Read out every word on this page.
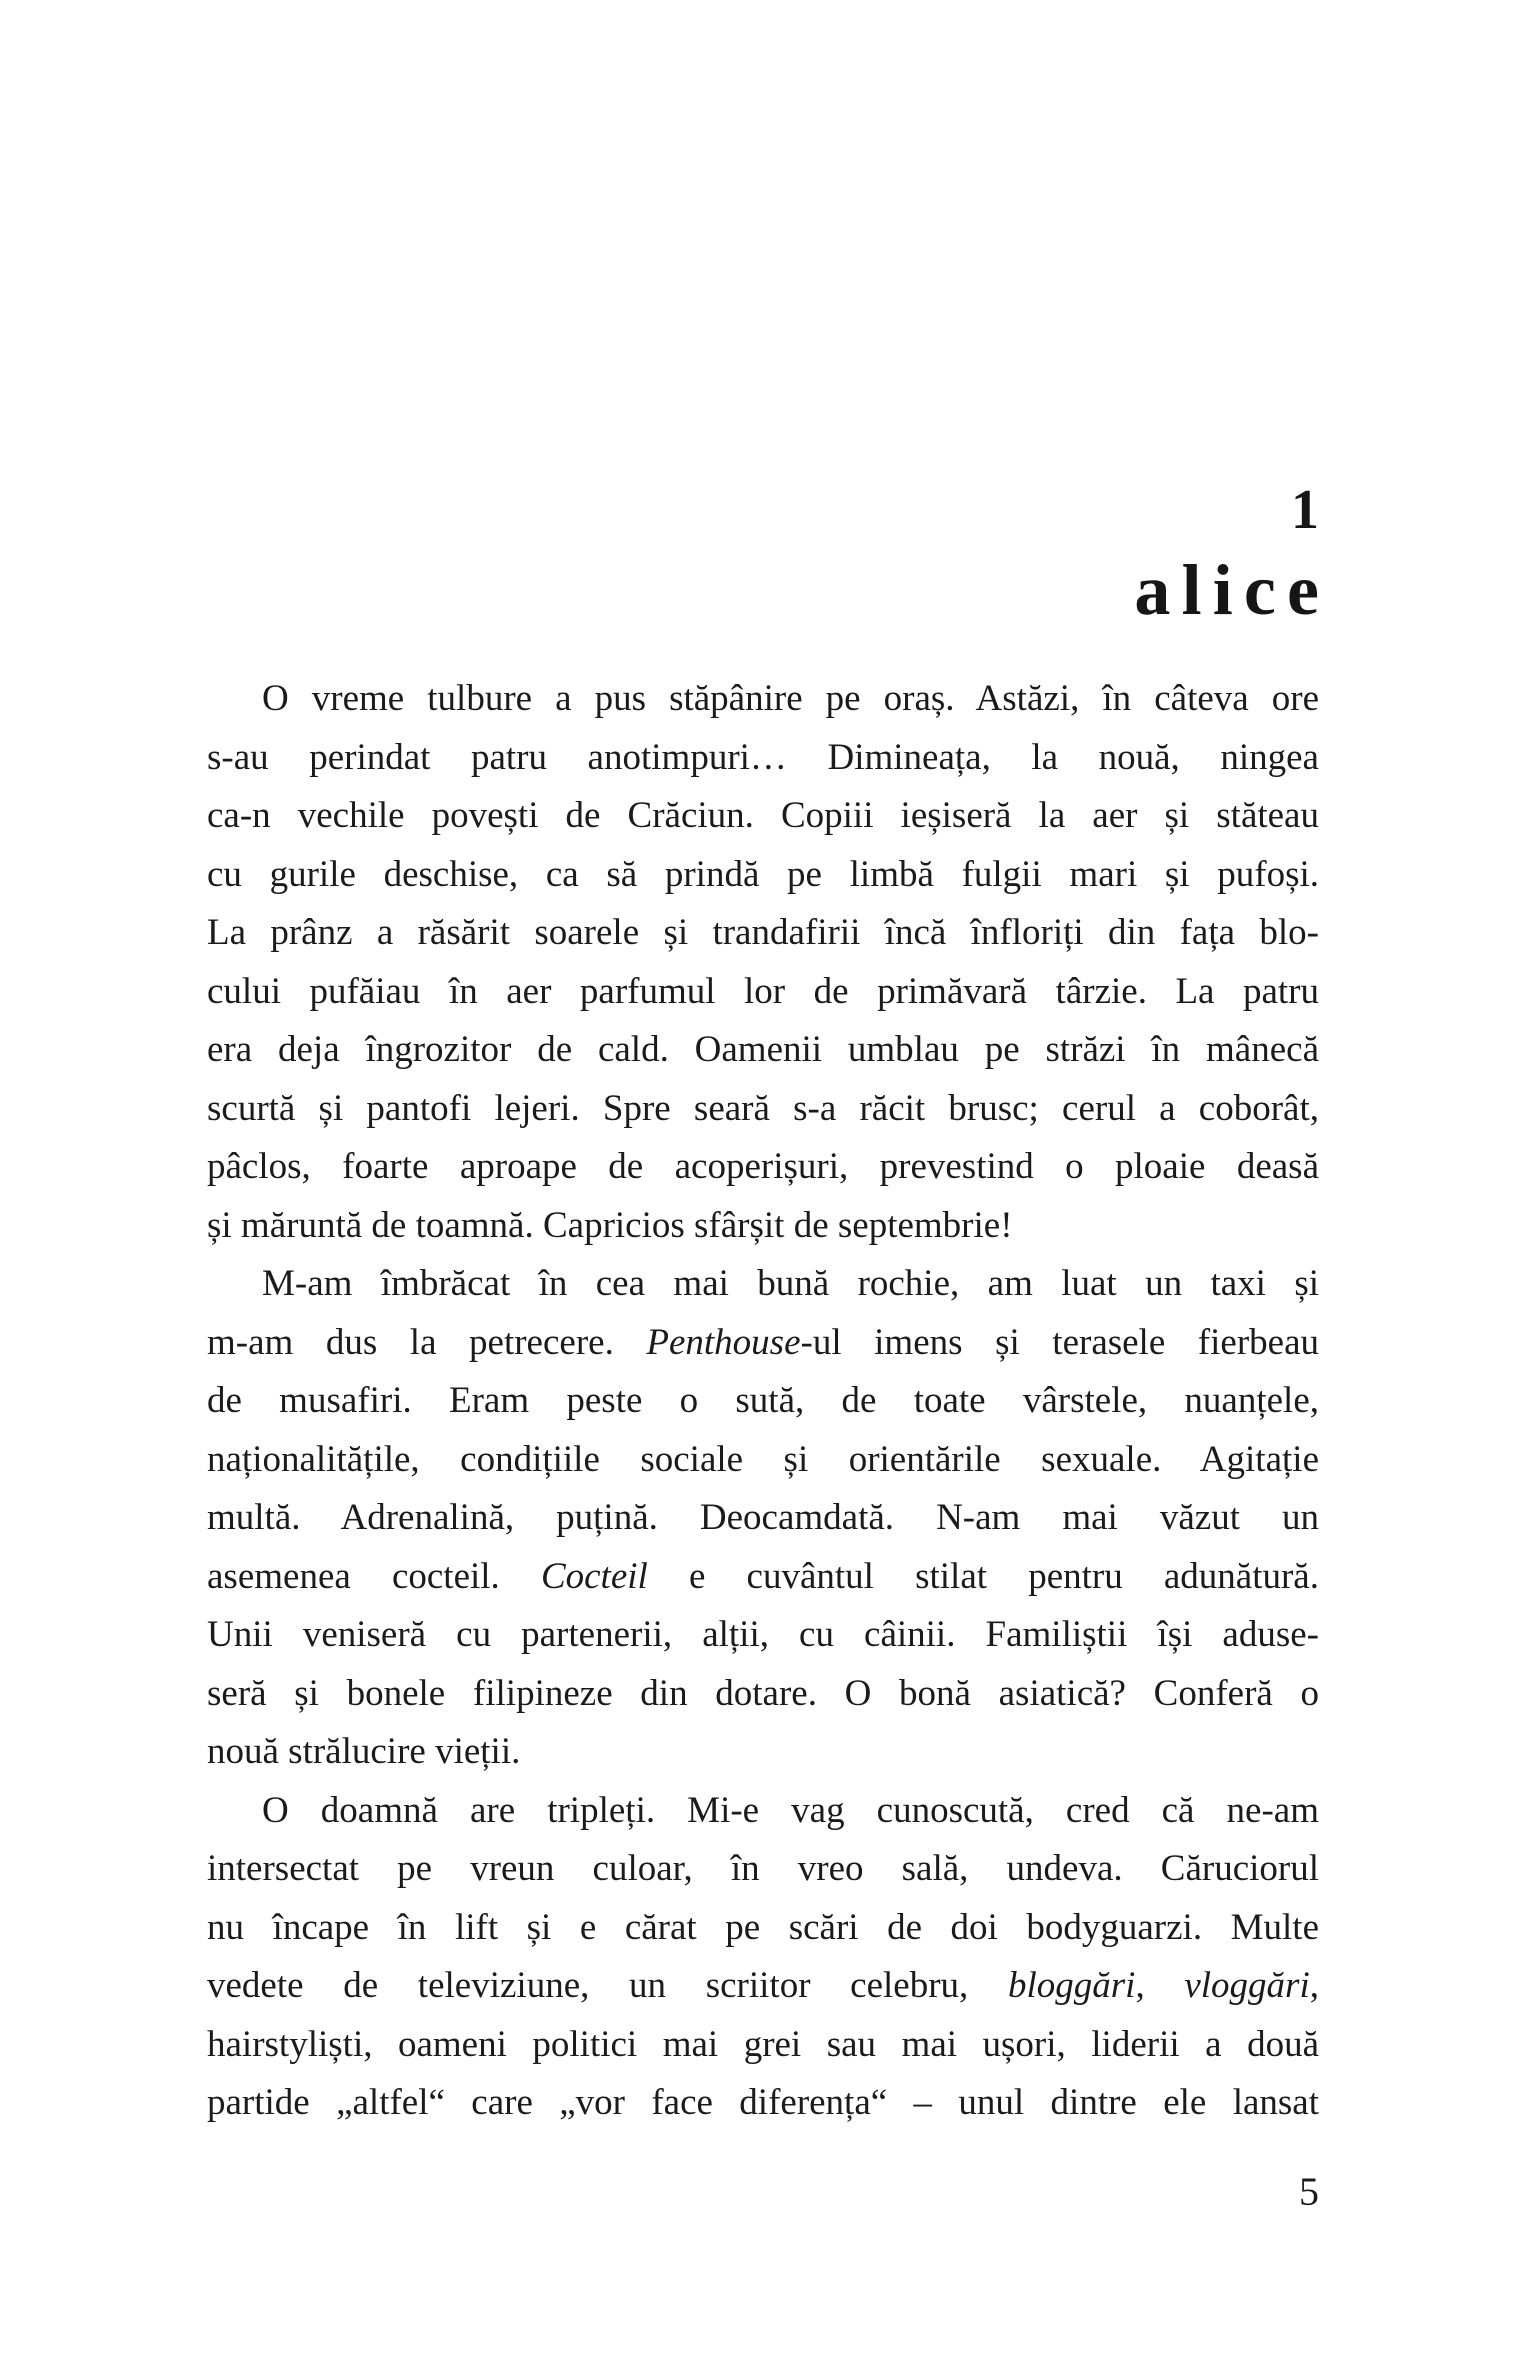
1
alice
O vreme tulbure a pus stăpânire pe oraș. Astăzi, în câteva ore
s-au perindat patru anotimpuri… Dimineața, la nouă, ningea
ca-n vechile povești de Crăciun. Copiii ieșiseră la aer și stăteau
cu gurile deschise, ca să prindă pe limbă fulgii mari și pufoși.
La prânz a răsărit soarele și trandafirii încă înfloriți din fața blo-
cului pufăiau în aer parfumul lor de primăvară târzie. La patru
era deja îngrozitor de cald. Oamenii umblau pe străzi în mânecă
scurtă și pantofi lejeri. Spre seară s-a răcit brusc; cerul a coborât,
pâclos, foarte aproape de acoperișuri, prevestind o ploaie deasă
și măruntă de toamnă. Capricios sfârșit de septembrie!
M-am îmbrăcat în cea mai bună rochie, am luat un taxi și
m-am dus la petrecere. Penthouse-ul imens și terasele fierbeau
de musafiri. Eram peste o sută, de toate vârstele, nuanțele,
naționalitățile, condițiile sociale și orientările sexuale. Agitație
multă. Adrenalină, puțină. Deocamdată. N-am mai văzut un
asemenea cocteil. Cocteil e cuvântul stilat pentru adunătură.
Unii veniseră cu partenerii, alții, cu câinii. Familiștii își aduse-
seră și bonele filipineze din dotare. O bonă asiatică? Conferă o
nouă strălucire vieții.
O doamnă are tripleți. Mi-e vag cunoscută, cred că ne-am
intersectat pe vreun culoar, în vreo sală, undeva. Căruciorul
nu încape în lift și e cărat pe scări de doi bodyguarzi. Multe
vedete de televiziune, un scriitor celebru, bloggări, vloggări,
hairstyliști, oameni politici mai grei sau mai ușori, liderii a două
partide „altfel“ care „vor face diferența“ – unul dintre ele lansat
5
